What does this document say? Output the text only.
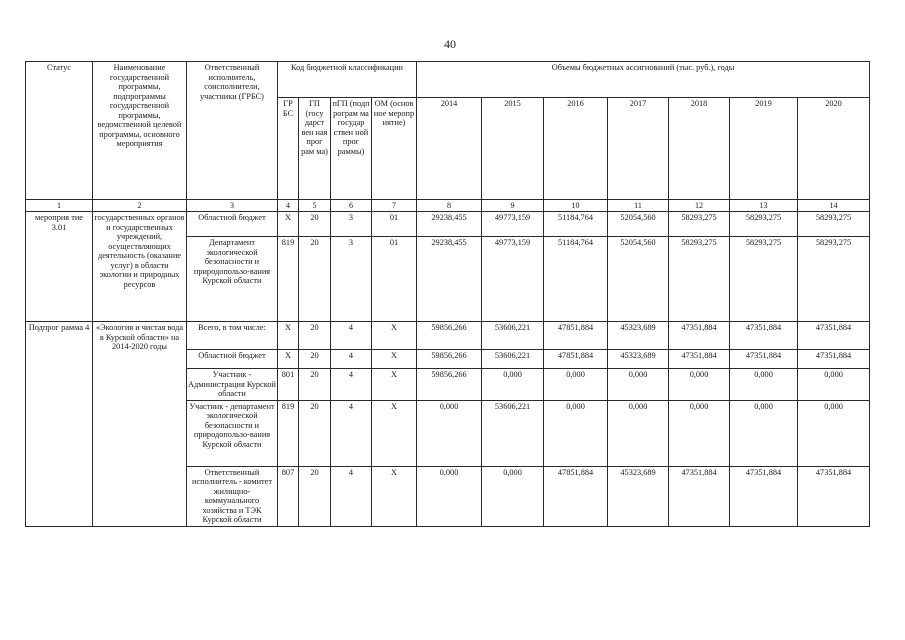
40
Статус	Наименование государственной программы, подпрограммы государственной программы, ведомственной целевой программы, основного мероприятия	Ответственный исполнитель, соисполнители, участники (ГРБС)	Код бюджетной классификации				Объемы бюджетных ассигнований (тыс. руб.), годы						
			ГР БС	ГП (госу дарст вен ная прог рам ма)	пГП (подп рограм ма государ ствен ной прог раммы)	ОМ (основ ное меропр иятие)	2014	2015	2016	2017	2018	2019	2020
1	2	3	4	5	6	7	8	9	10	11	12	13	14
мероприя тие 3.01	государственных органов и государственных учреждений, осуществляющих деятельность (оказание услуг) в области экологии и природных ресурсов	Областной бюджет	Х	20	3	01	29238,455	49773,159	51184,764	52054,560	58293,275	58293,275	58293,275
		Департамент экологической безопасности и природопользо-вания Курской области	819	20	3	01	29238,455	49773,159	51184,764	52054,560	58293,275	58293,275	58293,275
Подпрог рамма 4	«Экология и чистая вода в Курской области» на 2014-2020 годы	Всего, в том числе:	Х	20	4	Х	59856,266	53606,221	47851,884	45323,689	47351,884	47351,884	47351,884
		Областной бюджет	Х	20	4	Х	59856,266	53606,221	47851,884	45323,689	47351,884	47351,884	47351,884
		Участник - Администрация Курской области	801	20	4	Х	59856,266	0,000	0,000	0,000	0,000	0,000	0,000
		Участник - департамент экологической безопасности и природопользо-вания Курской области	819	20	4	Х	0,000	53606,221	0,000	0,000	0,000	0,000	0,000
		Ответственный исполнитель - комитет жилищно-коммунального хозяйства и ТЭК Курской области	807	20	4	Х	0,000	0,000	47851,884	45323,689	47351,884	47351,884	47351,884
